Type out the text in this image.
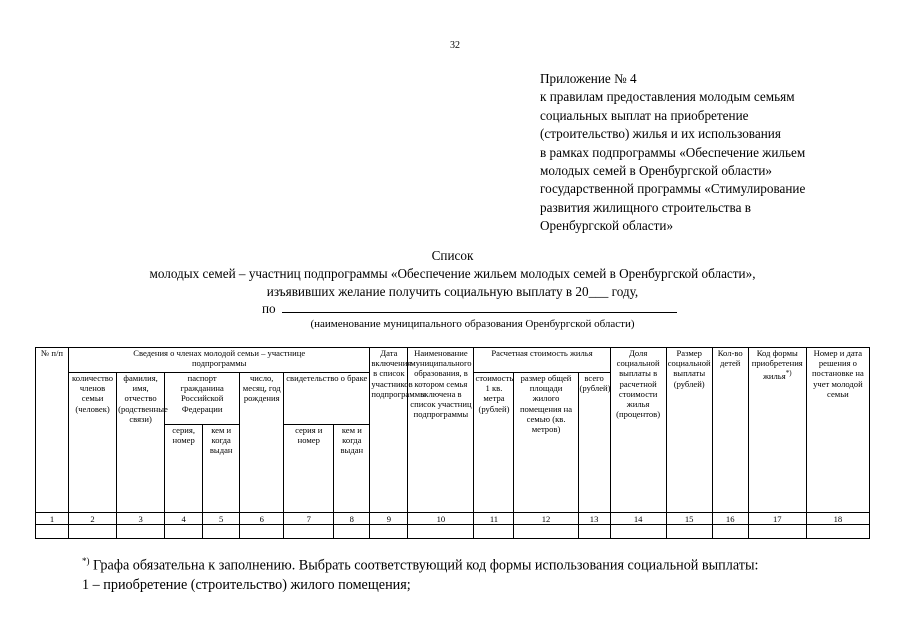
32
Приложение № 4
к правилам предоставления молодым семьям
социальных выплат на приобретение
(строительство) жилья и их использования
в рамках подпрограммы «Обеспечение жильем
молодых семей в Оренбургской области»
государственной программы «Стимулирование
развития жилищного строительства в
Оренбургской области»
Список
молодых семей – участниц подпрограммы «Обеспечение жильем молодых семей в Оренбургской области»,
изъявивших желание получить социальную выплату в 20___ году,
по
(наименование муниципального образования Оренбургской области)
№ п/п	Сведения о членах молодой семьи – участнице подпрограммы							Дата включения в список участников подпрограммы	Наименование муниципального образования, в котором семья включена в список участниц подпрограммы	Расчетная стоимость жилья			Доля социальной выплаты в расчетной стоимости жилья (процентов)	Размер социальной выплаты (рублей)	Кол-во детей	Код формы приобретения жилья*)	Номер и дата решения о постановке на учет молодой семьи
	количество членов семьи (человек)	фамилия, имя, отчество (родственные связи)	паспорт гражданина Российской Федерации		число, месяц, год рождения	свидетельство о браке				стоимость 1 кв. метра (рублей)	размер общей площади жилого помещения на семью (кв. метров)	всего (рублей)					
			серия, номер	кем и когда выдан		серия и номер	кем и когда выдан										
1	2	3	4	5	6	7	8	9	10	11	12	13	14	15	16	17	18

*) Графа обязательна к заполнению. Выбрать соответствующий код формы использования социальной выплаты:
1 – приобретение (строительство) жилого помещения;
